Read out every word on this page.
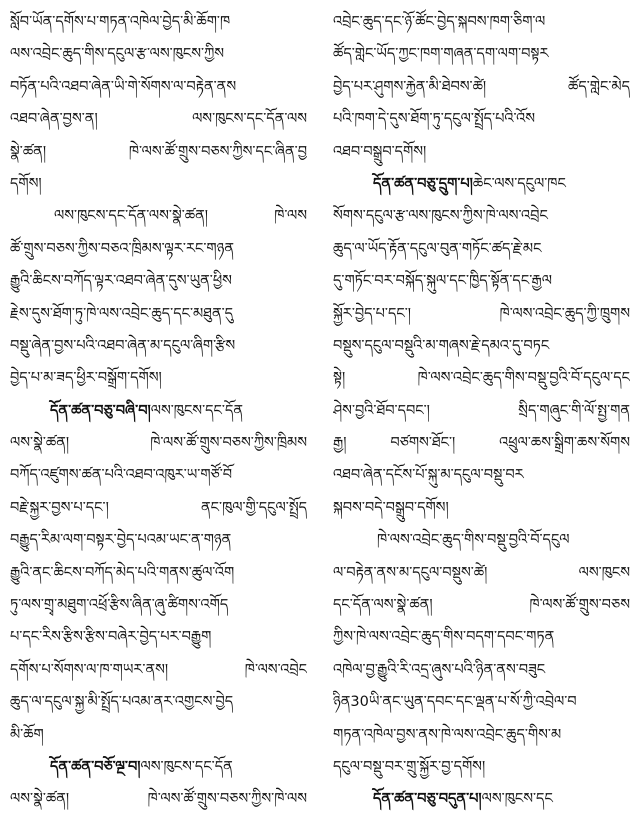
སློབ་ཡོན་དགོས་པ་གཏན་འཁེལ་བྱེད་མི་ཆོག་ཁ
ལས་འབྲེང་ཆུད་གིས་དངུལ་རྩ་ལས་ཁུངས་ཀྱིས
བཏོན་པའི་འཐབ་ཞེན་ཡི་གེ་སོགས་ལ་བརྟེན་ནས
འཐབ་ཞེན་བྱས་ན། ལས་ཁུངས་དང་དོན་ལས
སྣེ་ཚན། ཁེ་ལས་ཚོ་གྲུས་བཅས་ཀྱིས་དང་ཞིན་བྱ
དགོས།
ལས་ཁུངས་དང་དོན་ལས་སྣེ་ཚན། ཁེ་ལས
ཚོ་གྲུས་བཅས་ཀྱིས་བཅའ་ཁྲིམས་ལྟར་རང་གཉན
རྒྱུའི་ཆིངས་བཀོད་ལྟར་འཐབ་ཞེན་དུས་ཡུན་ཕྱིས
རྗེས་དུས་ཐོག་ཏུ་ཁེ་ལས་འབྲེང་ཆུད་དང་མཐུན་དུ
བསྡུ་ཞེན་བྱས་པའི་འཐབ་ཞེན་མ་དངུལ་ཞིག་རྩིས
བྱེད་པ་མ་ཟད་ཕྱིར་བསྒྲོག་དགོས།
དོན་ཚན་བཅུ་བཞི་བ།ལས་ཁུངས་དང་དོན
ལས་སྣེ་ཚན། ཁེ་ལས་ཚོ་གྲུས་བཅས་ཀྱིས་ཁྲིམས
བཀོད་འཛུགས་ཚན་པའི་འཐབ་འཁུར་ཡ་གཙོ་བོ
བརྗེ་སྐྱར་བྱས་པ་དང་། ནང་ཁུལ་གྱི་དངུལ་སྤྲོད
བརྒྱུད་རིམ་ལག་བསྟར་བྱེད་པའམ་ཡང་ན་གཉན
རྒྱུའི་ནང་ཆིངས་བཀོད་མེད་པའི་གནས་ཚུལ་འོག
ཏུ་ལས་གྲྭ་མཐུག་འཕྲོ་རྩིས་ཞིན་ཞུ་ཚིགས་འགོད
པ་དང་རིས་རྩིས་རྩིས་བཞེར་བྱེད་པར་བརྒྱུག
དགོས་པ་སོགས་ལ་ཁ་གཡར་ནས། ཁེ་ལས་འབྲེང
ཆུད་ལ་དངུལ་སྐྱ་མི་སྤྲོད་པའམ་ནར་འགྱངས་བྱེད
མི་ཆོག
དོན་ཚན་བཅོ་ལྔ་བ།ལས་ཁུངས་དང་དོན
ལས་སྣེ་ཚན། ཁེ་ལས་ཚོ་གྲུས་བཅས་ཀྱིས་ཁེ་ལས
འབྲེང་ཆུད་དང་ཉོ་ཚོང་བྱེད་སྐབས་ཁག་ཅིག་ལ
ཚོད་གླེང་ཡོད་ཀྱང་ཁག་གཞན་དག་ལག་བསྟར
བྱེད་པར་ཤུགས་རྐྱེན་མི་ཐེབས་ཚེ། ཚོད་གླེང་མེད
པའི་ཁག་དེ་དུས་ཐོག་ཏུ་དངུལ་སྤྲོད་པའི་འོས
འཐབ་བསྒྲུབ་དགོས།
དོན་ཚན་བཅུ་དྲུག་པ།ཆེང་ལས་དངུལ་ཁང
སོགས་དངུལ་རྩ་ལས་ཁུངས་ཀྱིས་ཁེ་ལས་འབྲེང
ཆུད་ལ་ཡོད་རྟོན་དངུལ་བུན་གཏོང་ཚད་རྗེ་མང
དུ་གཏོང་བར་བསྐོད་སྐུལ་དང་ཁྱིད་སྟོན་དང་རྒྱལ
སྐྱོར་བྱེད་པ་དང་། ཁེ་ལས་འབྲེང་ཆུད་ཀྱི་ཁྲུགས
བསྡུས་དངུལ་བསྡུའི་མ་གཞས་རྗེ་དམའ་དུ་བཏང
སྟེ། ཁེ་ལས་འབྲེང་ཆུད་གིས་བསྡུ་བྱའི་བོ་དངུལ་དང
ཤེས་བྱའི་ཐོབ་དབང་། སྲིད་གཞུང་གི་ལོ་སྤྱ་གན
རྒྱ། བཙགས་ཐོང་། འཕྲུལ་ཆས་སྒྲིག་ཆས་སོགས
འཐབ་ཞེན་དངོས་པོ་སྐུ་མ་དངུལ་བསྡུ་བར
སྐབས་བདེ་བསྒྲུབ་དགོས།
ཁེ་ལས་འབྲེང་ཆུད་གིས་བསྡུ་བྱའི་བོ་དངུལ
ལ་བརྟེན་ནས་མ་དངུལ་བསྡུས་ཚེ། ལས་ཁུངས
དང་དོན་ལས་སྣེ་ཚན། ཁེ་ལས་ཚོ་གྲུས་བཅས
ཀྱིས་ཁེ་ལས་འབྲེང་ཆུད་གིས་བདག་དབང་གཏན
འཁེལ་བྱ་རྒྱུའི་རི་འདྲ་ཞུས་པའི་ཉིན་ནས་བཟུང
ཉིན30ཡི་ནང་ཡུན་དབང་དང་ལྡན་པ་སོ་ཀྱི་འབྲེལ་བ
གཏན་འཁེལ་བྱས་ནས་ཁེ་ལས་འབྲེང་ཆུད་གིས་མ
དངུལ་བསྡུ་བར་གྲུ་སྐྱོར་བྱ་དགོས།
དོན་ཚན་བཅུ་བདུན་པ།ལས་ཁུངས་དང
